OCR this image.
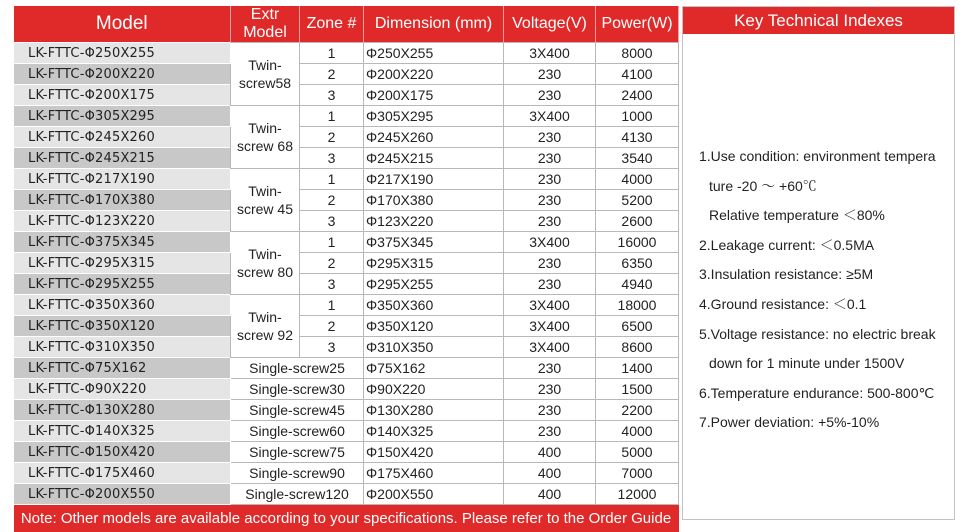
Model	Extr Model	Zone #	Dimension (mm)	Voltage(V)	Power(W)
LK-FTTC-Φ250X255	Twin-screw58	1	Φ250X255	3X400	8000
LK-FTTC-Φ200X220		2	Φ200X220	230	4100
LK-FTTC-Φ200X175		3	Φ200X175	230	2400
LK-FTTC-Φ305X295	Twin-screw 68	1	Φ305X295	3X400	1000
LK-FTTC-Φ245X260		2	Φ245X260	230	4130
LK-FTTC-Φ245X215		3	Φ245X215	230	3540
LK-FTTC-Φ217X190	Twin-screw 45	1	Φ217X190	230	4000
LK-FTTC-Φ170X380		2	Φ170X380	230	5200
LK-FTTC-Φ123X220		3	Φ123X220	230	2600
LK-FTTC-Φ375X345	Twin-screw 80	1	Φ375X345	3X400	16000
LK-FTTC-Φ295X315		2	Φ295X315	230	6350
LK-FTTC-Φ295X255		3	Φ295X255	230	4940
LK-FTTC-Φ350X360	Twin-screw 92	1	Φ350X360	3X400	18000
LK-FTTC-Φ350X120		2	Φ350X120	3X400	6500
LK-FTTC-Φ310X350		3	Φ310X350	3X400	8600
LK-FTTC-Φ75X162	Single-screw25		Φ75X162	230	1400
LK-FTTC-Φ90X220	Single-screw30		Φ90X220	230	1500
LK-FTTC-Φ130X280	Single-screw45		Φ130X280	230	2200
LK-FTTC-Φ140X325	Single-screw60		Φ140X325	230	4000
LK-FTTC-Φ150X420	Single-screw75		Φ150X420	400	5000
LK-FTTC-Φ175X460	Single-screw90		Φ175X460	400	7000
LK-FTTC-Φ200X550	Single-screw120		Φ200X550	400	12000
Note: Other models are available according to your specifications. Please refer to the Order Guide					
Key Technical Indexes
1.Use condition: environment tempera
ture -20 ～ +60℃
Relative temperature ＜80%
2.Leakage current: ＜0.5MA
3.Insulation resistance: ≥5M
4.Ground resistance: ＜0.1
5.Voltage resistance: no electric break
down for 1 minute under 1500V
6.Temperature endurance: 500-800℃
7.Power deviation: +5%-10%
